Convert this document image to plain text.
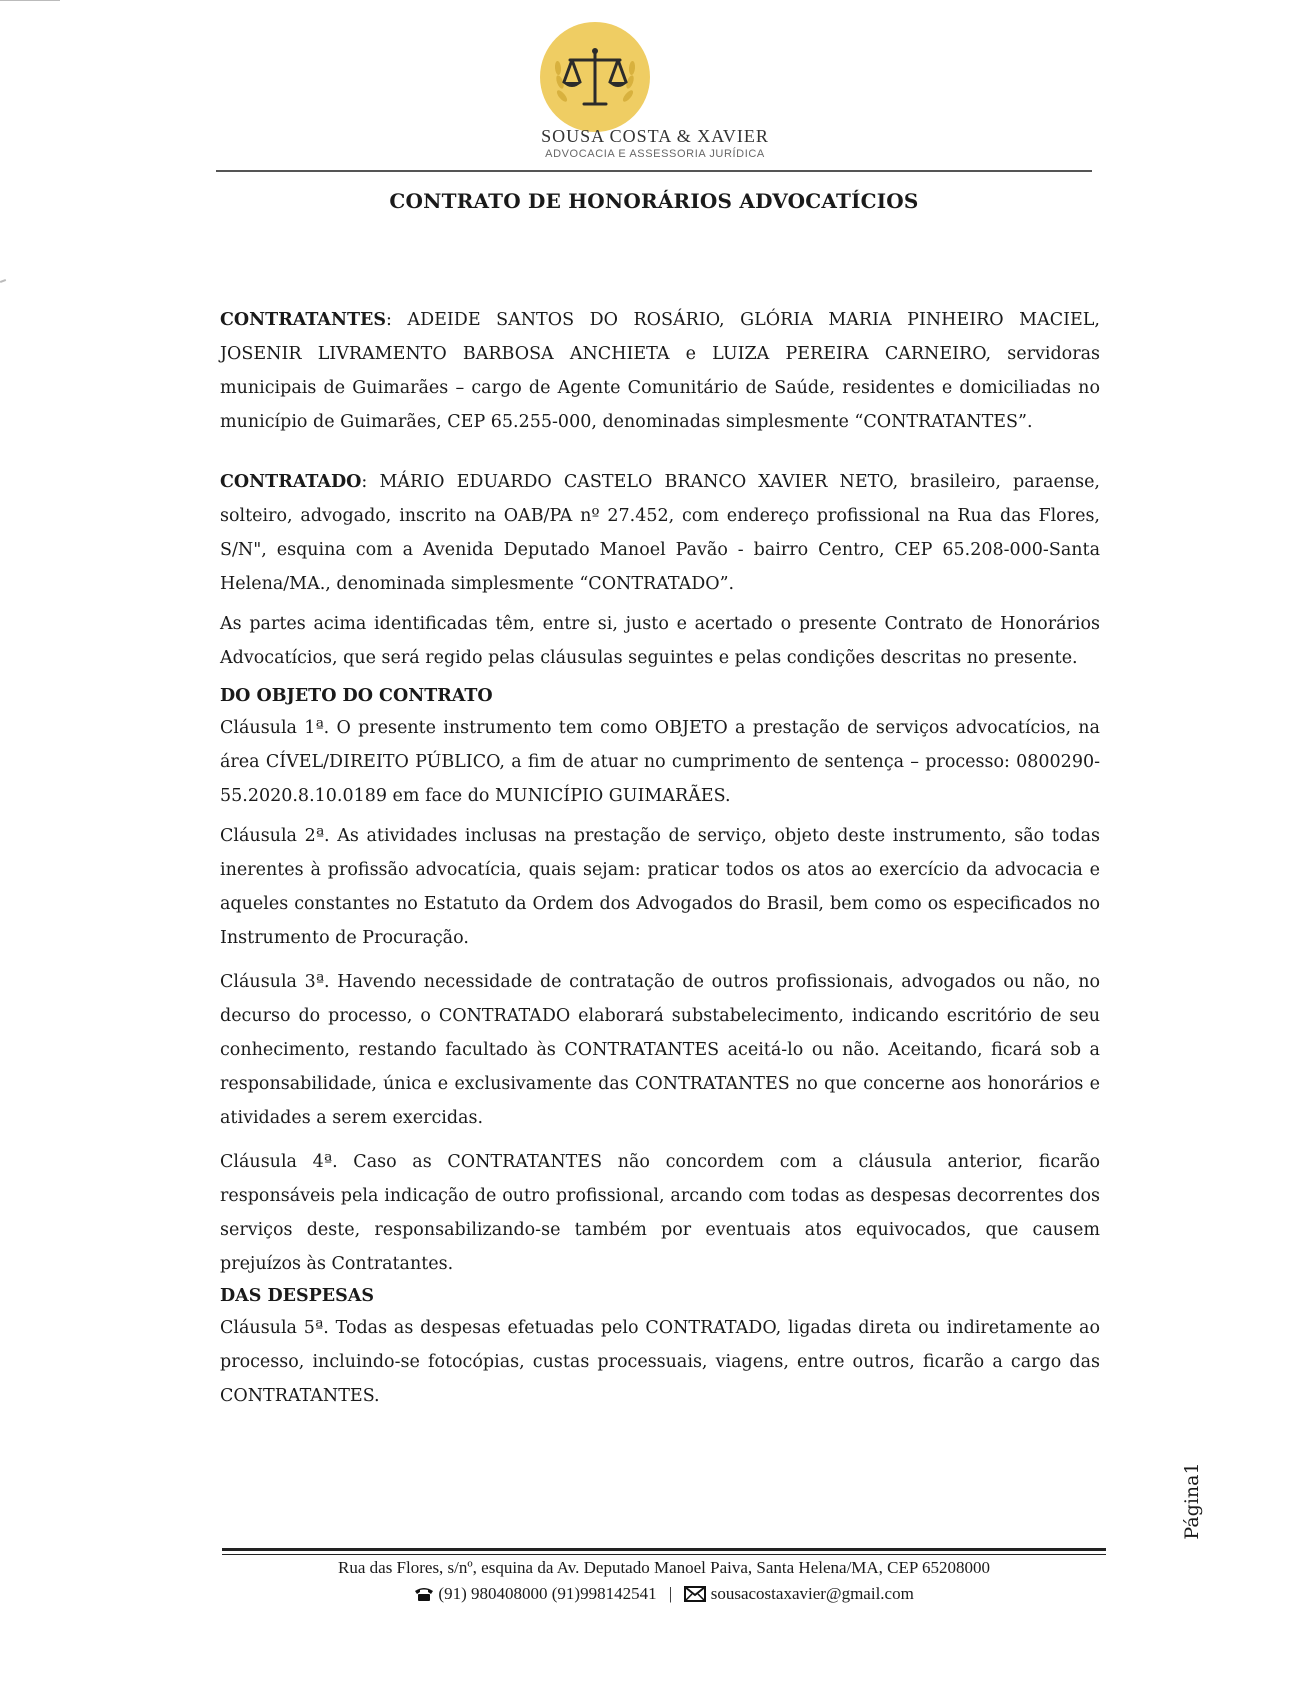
SOUSA COSTA & XAVIER
ADVOCACIA E ASSESSORIA JURÍDICA
CONTRATO DE HONORÁRIOS ADVOCATÍCIOS

CONTRATANTES: ADEIDE SANTOS DO ROSÁRIO, GLÓRIA MARIA PINHEIRO MACIEL, JOSENIR LIVRAMENTO BARBOSA ANCHIETA e LUIZA PEREIRA CARNEIRO, servidoras municipais de Guimarães – cargo de Agente Comunitário de Saúde, residentes e domiciliadas no município de Guimarães, CEP 65.255-000, denominadas simplesmente “CONTRATANTES”.

CONTRATADO: MÁRIO EDUARDO CASTELO BRANCO XAVIER NETO, brasileiro, paraense, solteiro, advogado, inscrito na OAB/PA nº 27.452, com endereço profissional na Rua das Flores, S/N", esquina com a Avenida Deputado Manoel Pavão - bairro Centro, CEP 65.208-000-Santa Helena/MA., denominada simplesmente “CONTRATADO”.

As partes acima identificadas têm, entre si, justo e acertado o presente Contrato de Honorários Advocatícios, que será regido pelas cláusulas seguintes e pelas condições descritas no presente.

DO OBJETO DO CONTRATO

Cláusula 1ª. O presente instrumento tem como OBJETO a prestação de serviços advocatícios, na área CÍVEL/DIREITO PÚBLICO, a fim de atuar no cumprimento de sentença – processo: 0800290-55.2020.8.10.0189 em face do MUNICÍPIO GUIMARÃES.

Cláusula 2ª. As atividades inclusas na prestação de serviço, objeto deste instrumento, são todas inerentes à profissão advocatícia, quais sejam: praticar todos os atos ao exercício da advocacia e aqueles constantes no Estatuto da Ordem dos Advogados do Brasil, bem como os especificados no Instrumento de Procuração.

Cláusula 3ª. Havendo necessidade de contratação de outros profissionais, advogados ou não, no decurso do processo, o CONTRATADO elaborará substabelecimento, indicando escritório de seu conhecimento, restando facultado às CONTRATANTES aceitá-lo ou não. Aceitando, ficará sob a responsabilidade, única e exclusivamente das CONTRATANTES no que concerne aos honorários e atividades a serem exercidas.

Cláusula 4ª. Caso as CONTRATANTES não concordem com a cláusula anterior, ficarão responsáveis pela indicação de outro profissional, arcando com todas as despesas decorrentes dos serviços deste, responsabilizando-se também por eventuais atos equivocados, que causem prejuízos às Contratantes.

DAS DESPESAS

Cláusula 5ª. Todas as despesas efetuadas pelo CONTRATADO, ligadas direta ou indiretamente ao processo, incluindo-se fotocópias, custas processuais, viagens, entre outros, ficarão a cargo das CONTRATANTES.

Página1
Rua das Flores, s/nº, esquina da Av. Deputado Manoel Paiva, Santa Helena/MA, CEP 65208000
(91) 980408000 (91)998142541 | sousacostaxavier@gmail.com
